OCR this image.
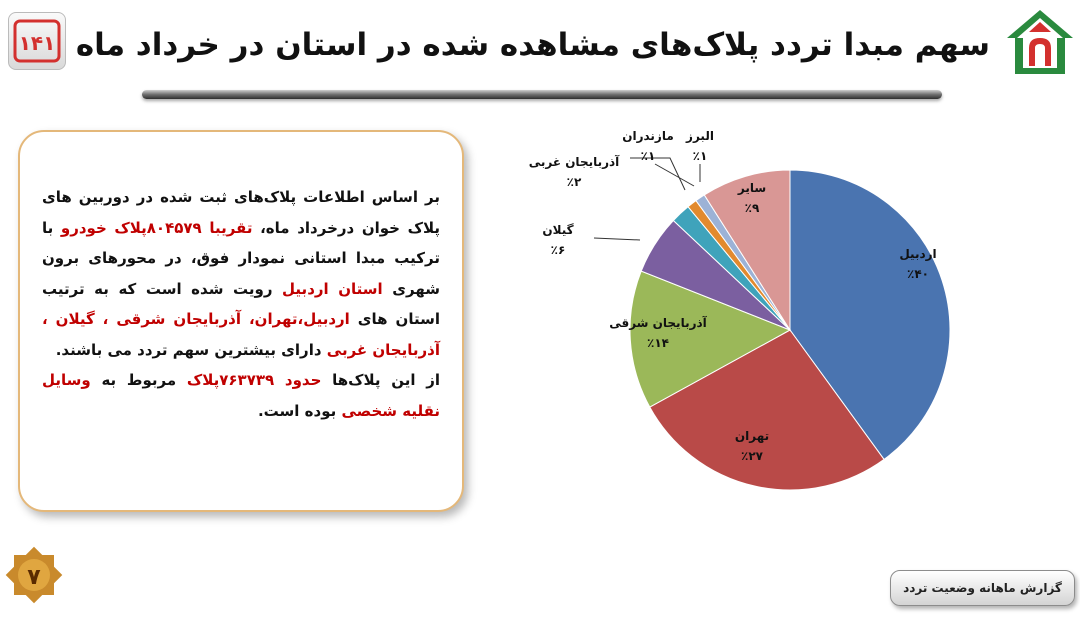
۱۴۱ سهم مبدا تردد پلاک‌های مشاهده شده در استان در خرداد ماه

بر اساس اطلاعات پلاک‌های ثبت شده در دوربین های پلاک خوان درخرداد ماه، تقریبا ۸۰۴۵۷۹پلاک خودرو با ترکیب مبدا استانی نمودار فوق، در محورهای برون شهری استان اردبیل رویت شده است که به ترتیب استان های اردبیل،تهران، آذربایجان شرقی ، گیلان ، آذربایجان غربی دارای بیشترین سهم تردد می باشند.
از این پلاک‌ها حدود ۷۶۳۷۳۹پلاک مربوط به وسایل نقلیه شخصی بوده است.

اردبیل
٪۴۰
تهران
٪۲۷
آذربایجان شرقی
٪۱۴
گیلان
٪۶
آذربایجان غربی
٪۲
مازندران
٪۱
البرز
٪۱
سایر
٪۹
۷	گزارش ماهانه وضعیت تردد
